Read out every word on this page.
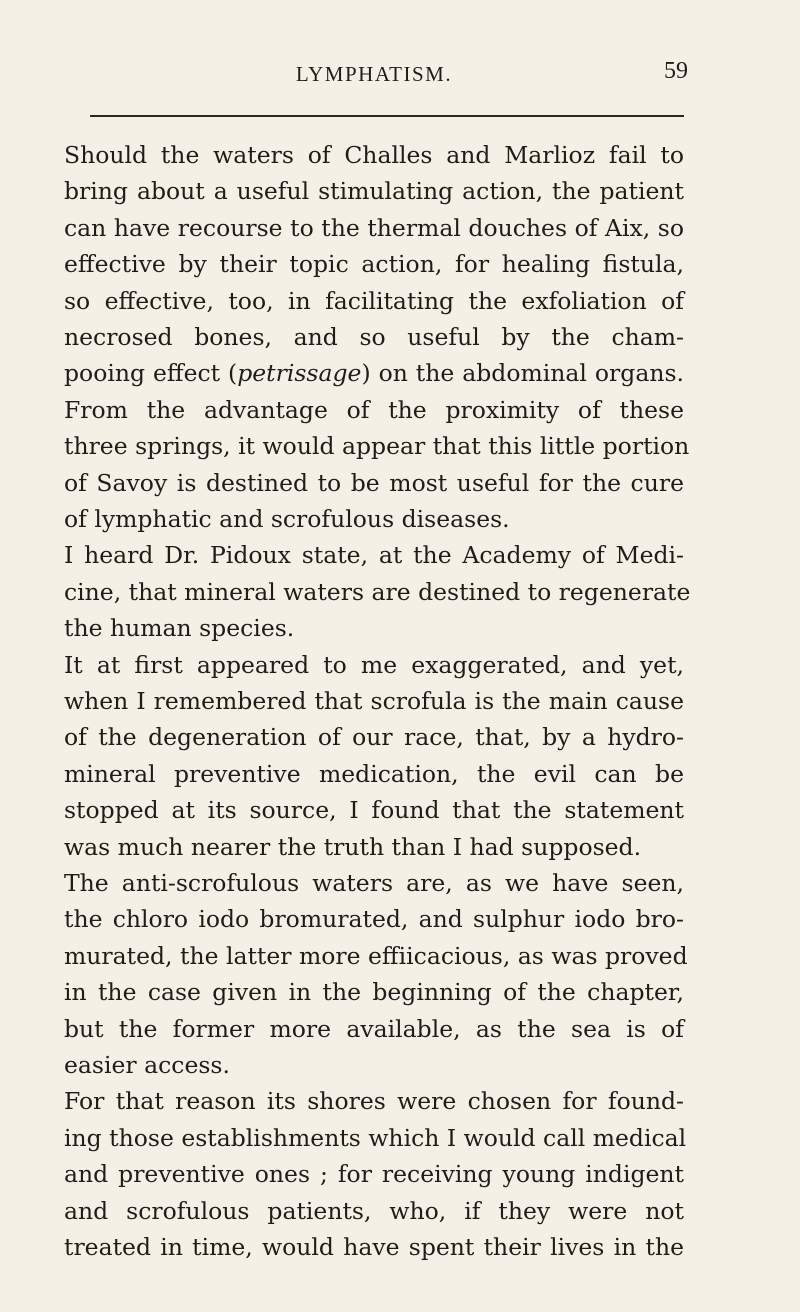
LYMPHATISM.	59
Should the waters of Challes and Marlioz fail to
bring about a useful stimulating action, the patient
can have recourse to the thermal douches of Aix, so
effective by their topic action, for healing fistula,
so effective, too, in facilitating the exfoliation of
necrosed bones, and so useful by the cham-
pooing effect (petrissage) on the abdominal organs.
From the advantage of the proximity of these
three springs, it would appear that this little portion
of Savoy is destined to be most useful for the cure
of lymphatic and scrofulous diseases.
I heard Dr. Pidoux state, at the Academy of Medi-
cine, that mineral waters are destined to regenerate
the human species.
It at first appeared to me exaggerated, and yet,
when I remembered that scrofula is the main cause
of the degeneration of our race, that, by a hydro-
mineral preventive medication, the evil can be
stopped at its source, I found that the statement
was much nearer the truth than I had supposed.
The anti-scrofulous waters are, as we have seen,
the chloro iodo bromurated, and sulphur iodo bro-
murated, the latter more effiicacious, as was proved
in the case given in the beginning of the chapter,
but the former more available, as the sea is of
easier access.
For that reason its shores were chosen for found-
ing those establishments which I would call medical
and preventive ones ; for receiving young indigent
and scrofulous patients, who, if they were not
treated in time, would have spent their lives in the
